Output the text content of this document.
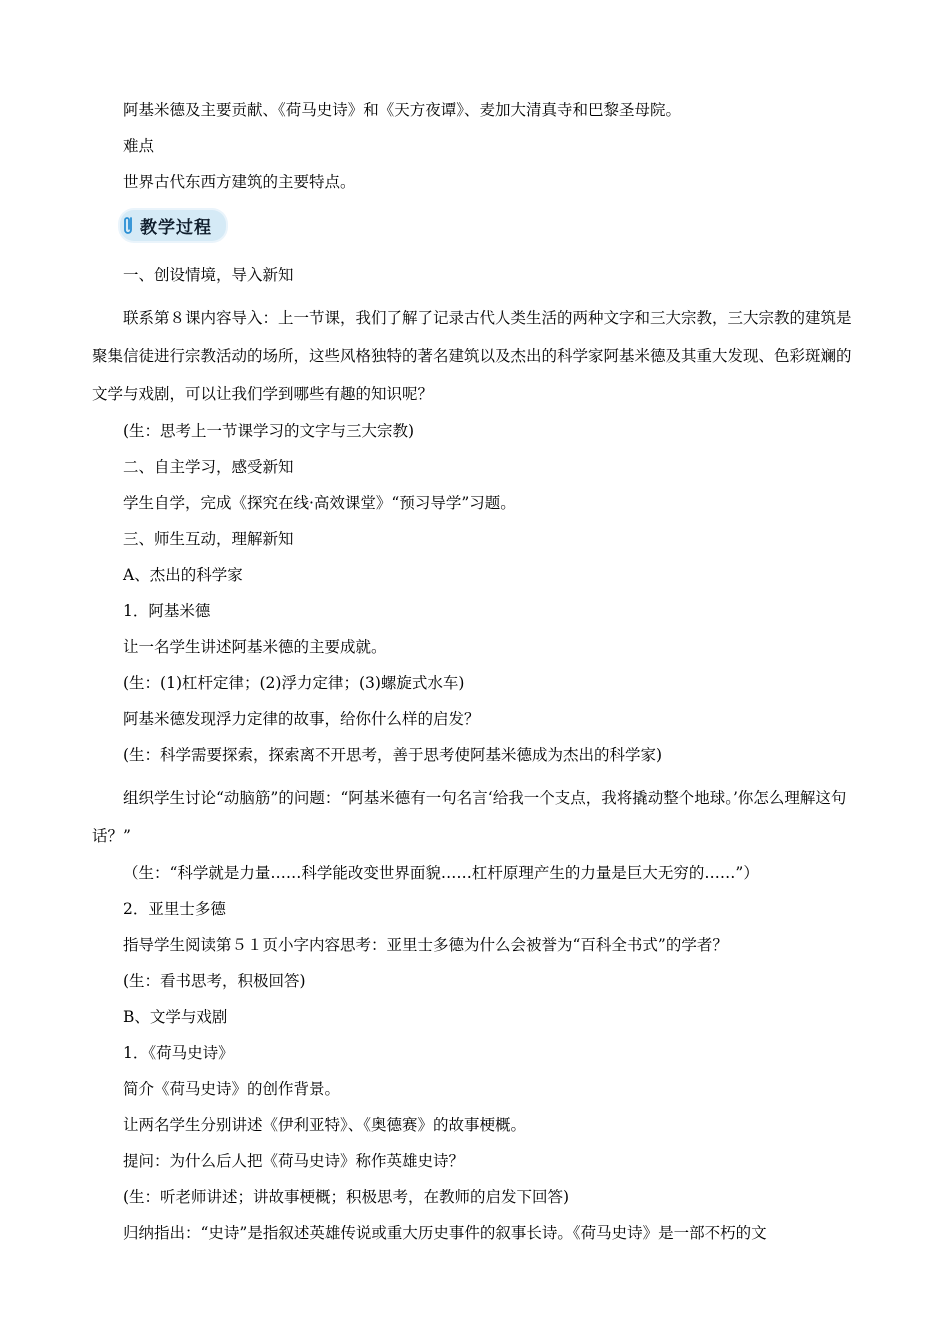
阿基米德及主要贡献、《荷马史诗》和《天方夜谭》、麦加大清真寺和巴黎圣母院。

难点

世界古代东西方建筑的主要特点。

教学过程

一、创设情境，导入新知

联系第８课内容导入：上一节课，我们了解了记录古代人类生活的两种文字和三大宗教，三大宗教的建筑是聚集信徒进行宗教活动的场所，这些风格独特的著名建筑以及杰出的科学家阿基米德及其重大发现、色彩斑斓的文学与戏剧，可以让我们学到哪些有趣的知识呢？

(生：思考上一节课学习的文字与三大宗教)

二、自主学习，感受新知

学生自学，完成《探究在线·高效课堂》“预习导学”习题。

三、师生互动，理解新知

A、杰出的科学家

1．阿基米德

让一名学生讲述阿基米德的主要成就。

(生：(1)杠杆定律；(2)浮力定律；(3)螺旋式水车)

阿基米德发现浮力定律的故事，给你什么样的启发？

(生：科学需要探索，探索离不开思考，善于思考使阿基米德成为杰出的科学家)

组织学生讨论“动脑筋”的问题：“阿基米德有一句名言‘给我一个支点，我将撬动整个地球。’你怎么理解这句话？”

（生：“科学就是力量……科学能改变世界面貌……杠杆原理产生的力量是巨大无穷的……”）

2．亚里士多德

指导学生阅读第５１页小字内容思考：亚里士多德为什么会被誉为“百科全书式”的学者？

(生：看书思考，积极回答)

B、文学与戏剧

1．《荷马史诗》

简介《荷马史诗》的创作背景。

让两名学生分别讲述《伊利亚特》、《奥德赛》的故事梗概。

提问：为什么后人把《荷马史诗》称作英雄史诗？

(生：听老师讲述；讲故事梗概；积极思考，在教师的启发下回答)

归纳指出：“史诗”是指叙述英雄传说或重大历史事件的叙事长诗。《荷马史诗》是一部不朽的文
